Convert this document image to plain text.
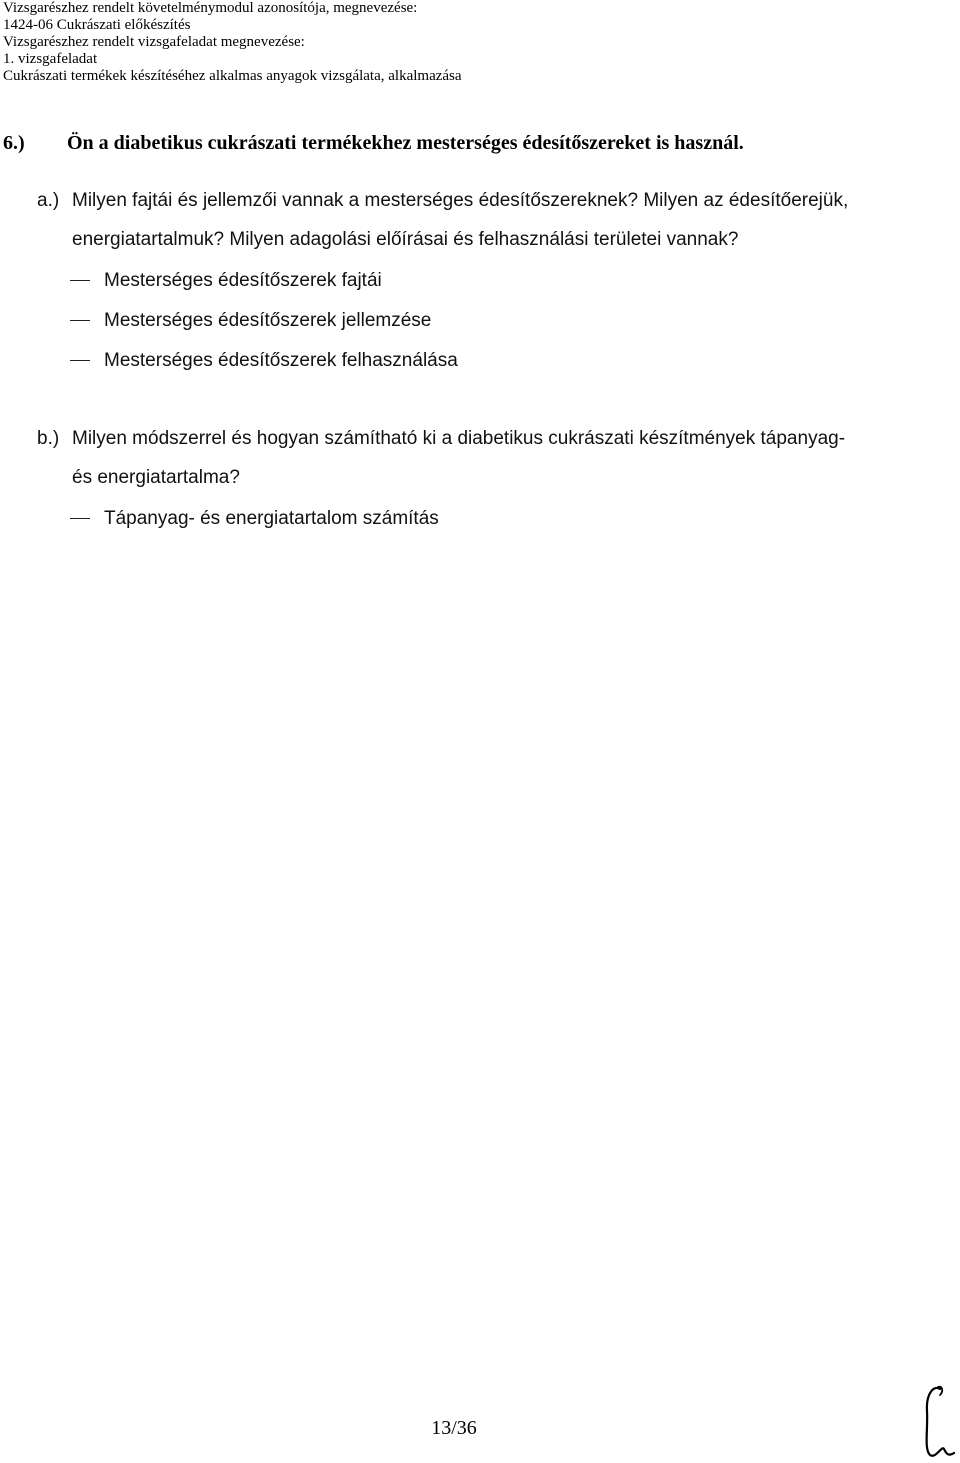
Vizsgarészhez rendelt követelménymodul azonosítója, megnevezése:
1424-06 Cukrászati előkészítés
Vizsgarészhez rendelt vizsgafeladat megnevezése:
1. vizsgafeladat
Cukrászati termékek készítéséhez alkalmas anyagok vizsgálata, alkalmazása
6.) Ön a diabetikus cukrászati termékekhez mesterséges édesítőszereket is használ.
a.) Milyen fajtái és jellemzői vannak a mesterséges édesítőszereknek? Milyen az édesítőerejük,
energiatartalmuk? Milyen adagolási előírásai és felhasználási területei vannak?
Mesterséges édesítőszerek fajtái
Mesterséges édesítőszerek jellemzése
Mesterséges édesítőszerek felhasználása
b.) Milyen módszerrel és hogyan számítható ki a diabetikus cukrászati készítmények tápanyag-
és energiatartalma?
Tápanyag- és energiatartalom számítás
13/36
